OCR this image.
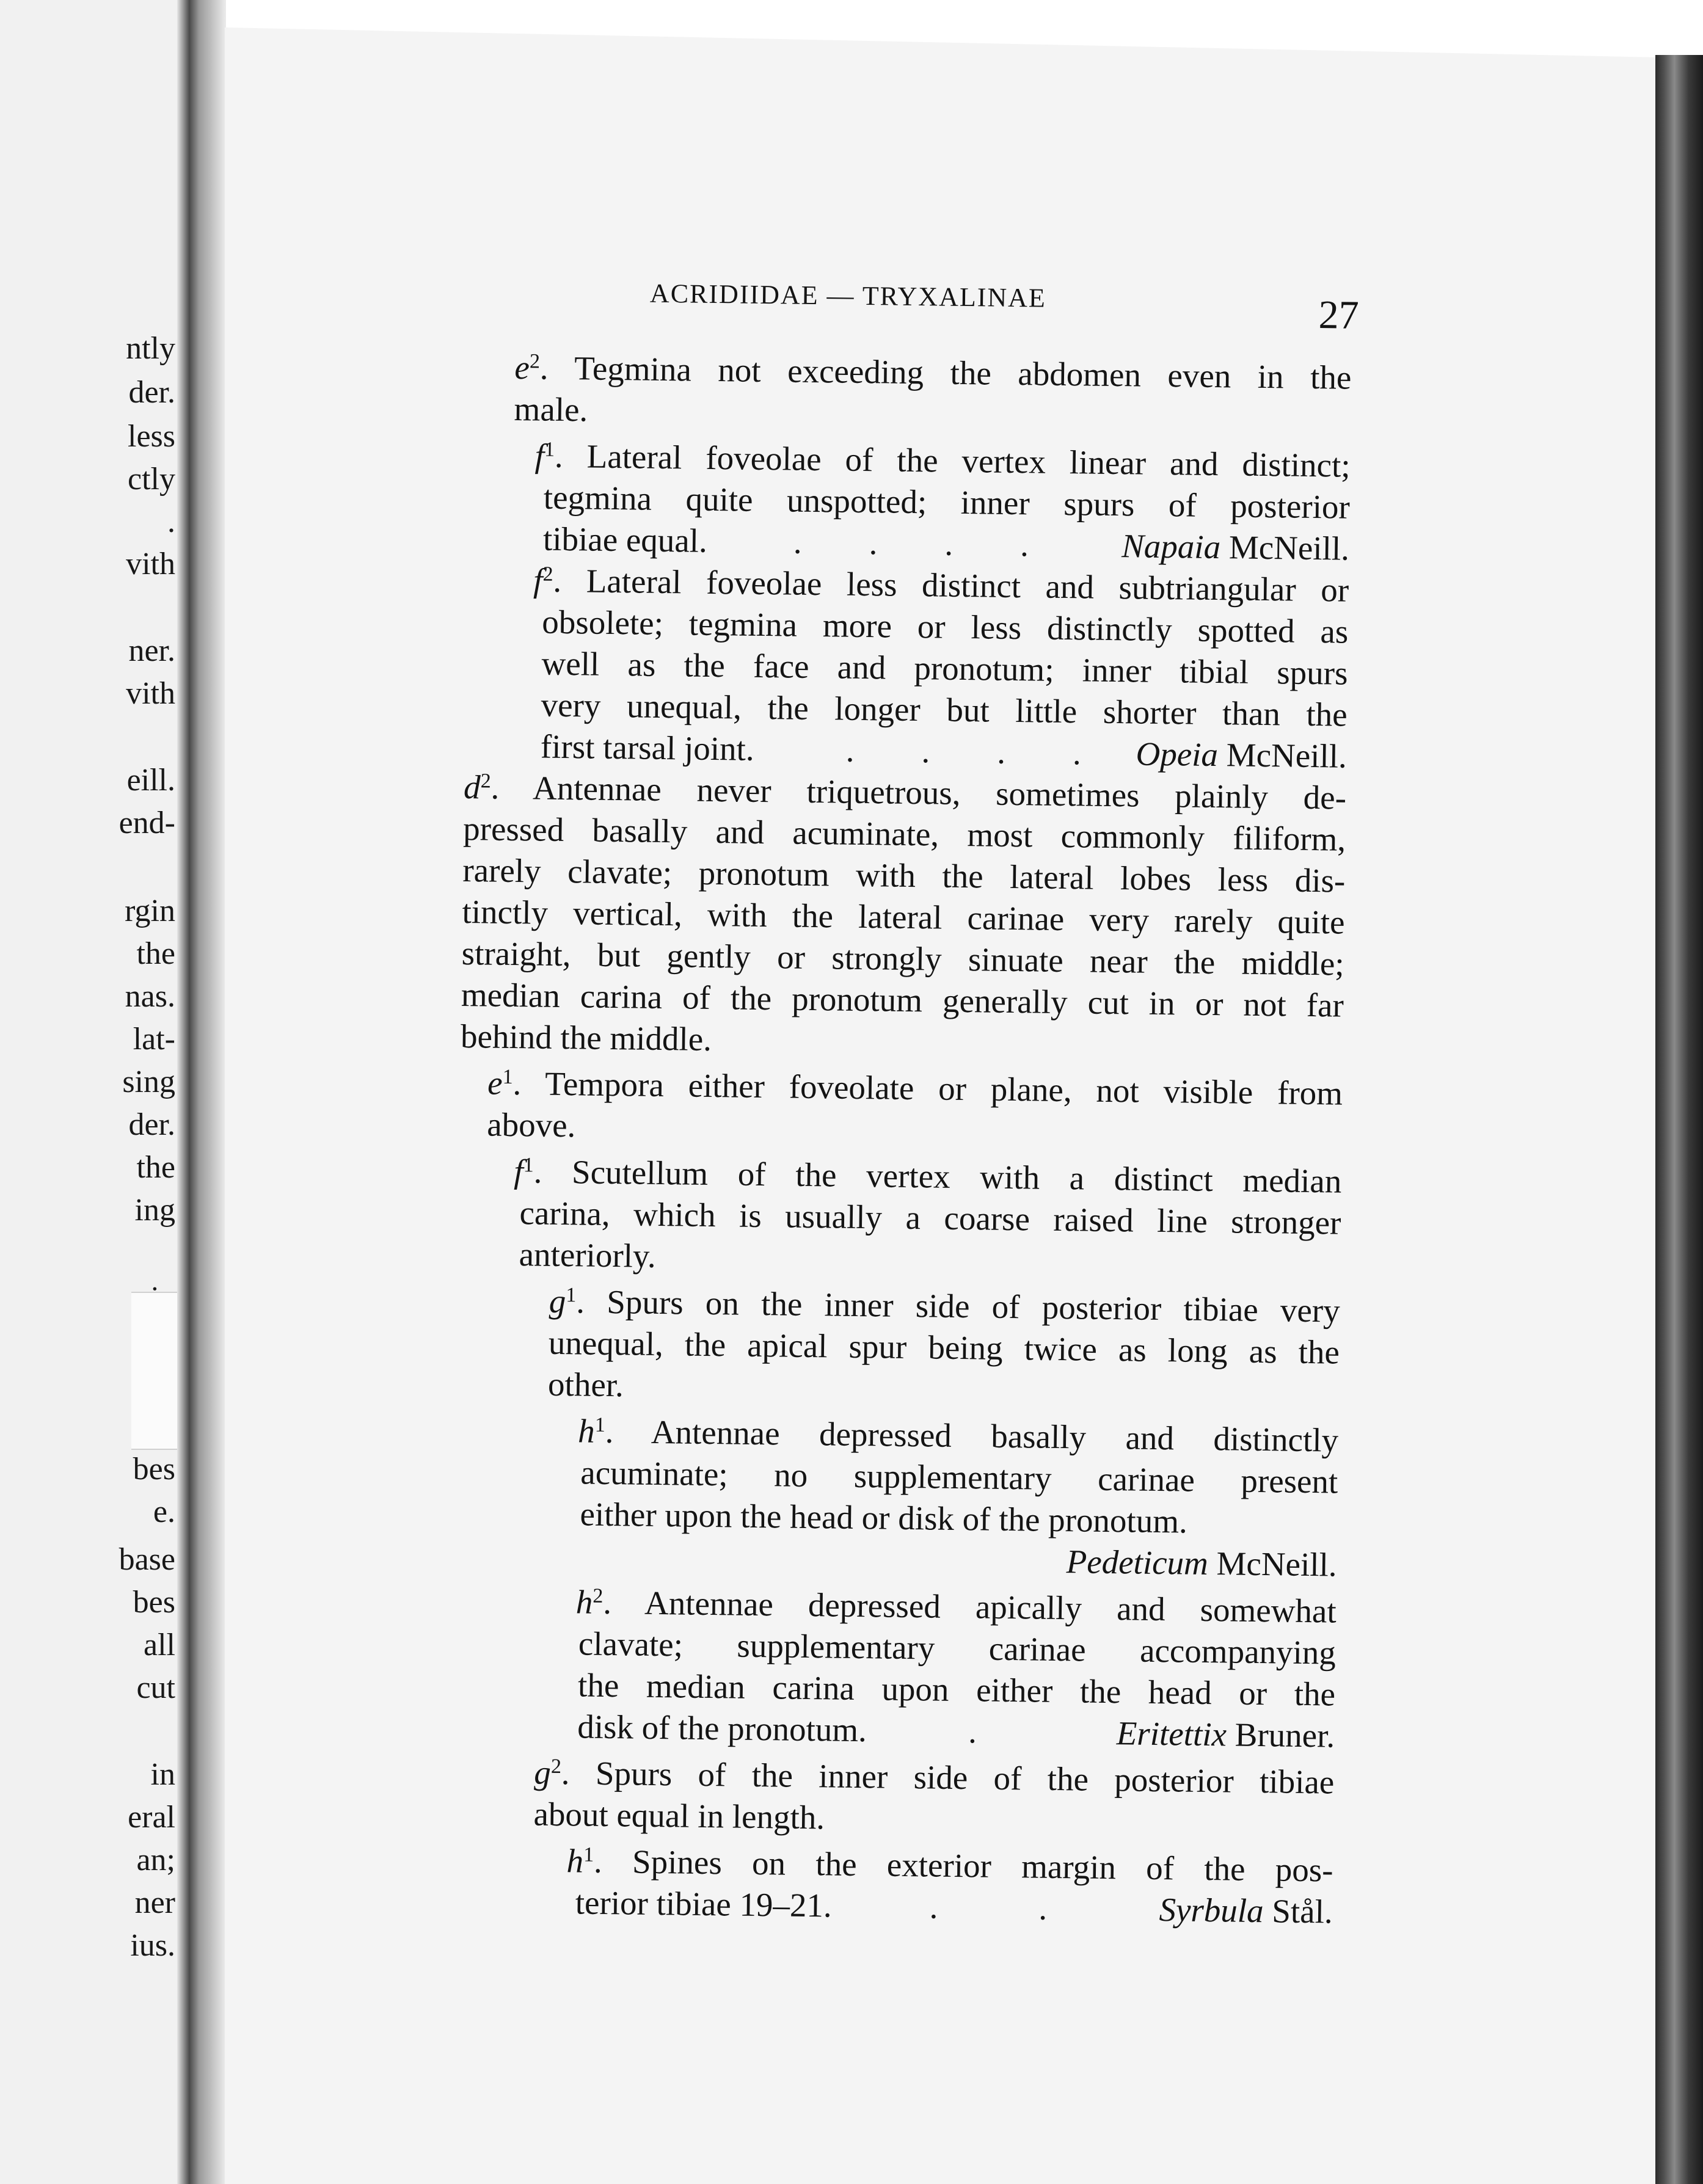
ntly
der.
less
ctly
.
vith
ner.
vith
eill.
end-
rgin
the
nas.
lat-
sing
der.
the
ing
bes
e.
base
bes
all
cut
in
eral
an;
ner
ius.
ACRIDIIDAE — TRYXALINAE	27
$e^2$. Tegmina not exceeding the abdomen even in the
male.
$f^1$. Lateral foveolae of the vertex linear and distinct;
tegmina quite unspotted; inner spurs of posterior
tibiae equal.	.  .  .  .	Napaia McNeill.
$f^2$. Lateral foveolae less distinct and subtriangular or
obsolete; tegmina more or less distinctly spotted as
well as the face and pronotum; inner tibial spurs
very unequal, the longer but little shorter than the
first tarsal joint.	.  .  .  . Opeia McNeill.
$d^2$. Antennae never triquetrous, sometimes plainly de-
pressed basally and acuminate, most commonly filiform,
rarely clavate; pronotum with the lateral lobes less dis-
tinctly vertical, with the lateral carinae very rarely quite
straight, but gently or strongly sinuate near the middle;
median carina of the pronotum generally cut in or not far
behind the middle.
$e^1$. Tempora either foveolate or plane, not visible from
above.
$f^1$. Scutellum of the vertex with a distinct median
carina, which is usually a coarse raised line stronger
anteriorly.
$g^1$. Spurs on the inner side of posterior tibiae very
unequal, the apical spur being twice as long as the
other.
$h^1$. Antennae depressed basally and distinctly
acuminate; no supplementary carinae present
either upon the head or disk of the pronotum.
Pedeticum McNeill.
$h^2$. Antennae depressed apically and somewhat
clavate; supplementary carinae accompanying
the median carina upon either the head or the
disk of the pronotum.	.	Eritettix Bruner.
$g^2$. Spurs of the inner side of the posterior tibiae
about equal in length.
$h^1$. Spines on the exterior margin of the pos-
terior tibiae 19–21.	.   .	Syrbula Stål.
